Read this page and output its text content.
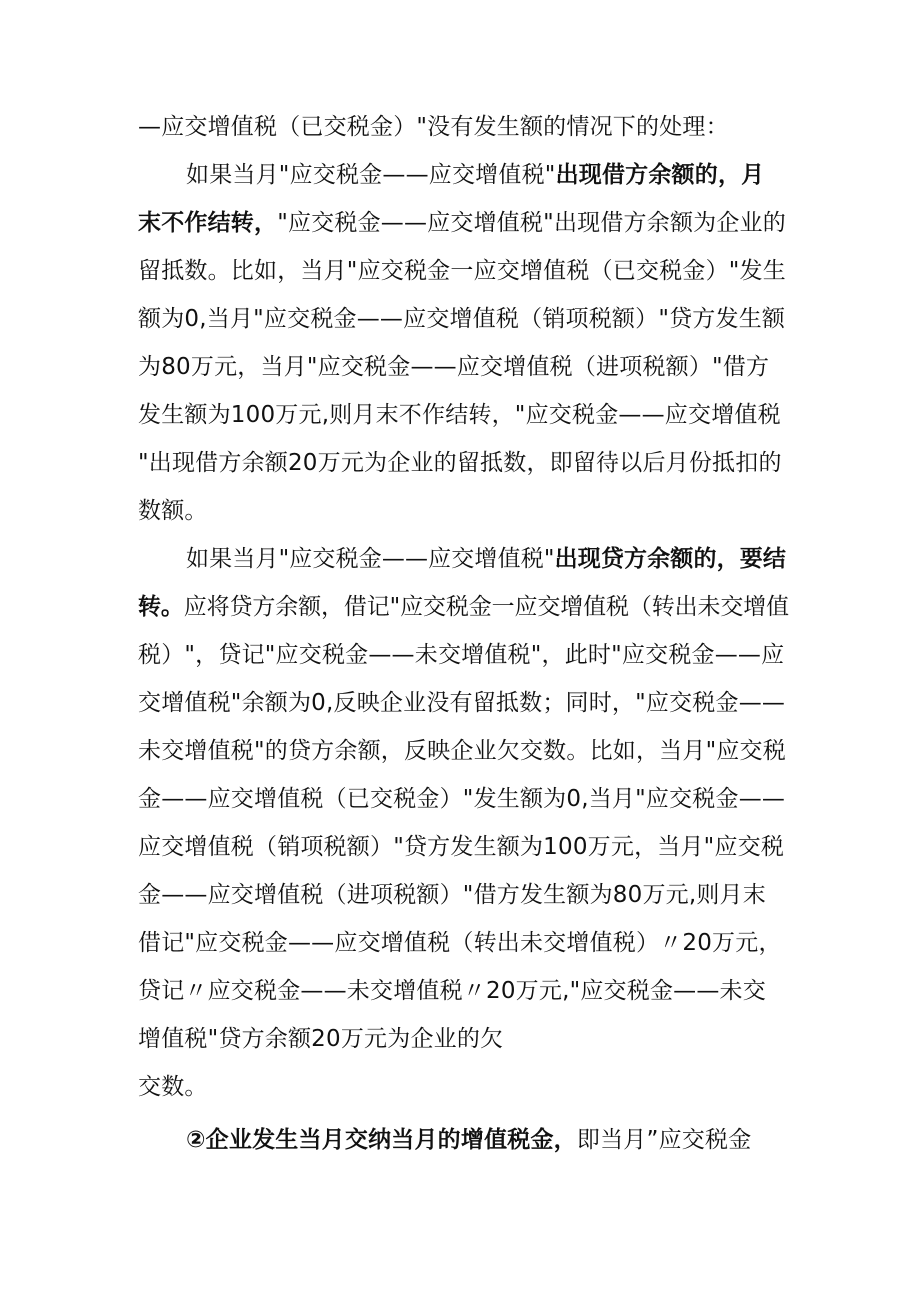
—应交增值税（已交税金）"没有发生额的情况下的处理：
如果当月"应交税金——应交增值税"出现借方余额的，月
末不作结转，"应交税金——应交增值税"出现借方余额为企业的
留抵数。比如，当月"应交税金一应交增值税（已交税金）"发生
额为0,当月"应交税金——应交增值税（销项税额）"贷方发生额
为80万元，当月"应交税金——应交增值税（进项税额）"借方
发生额为100万元,则月末不作结转，"应交税金——应交增值税
"出现借方余额20万元为企业的留抵数，即留待以后月份抵扣的
数额。
如果当月"应交税金——应交增值税"出现贷方余额的，要结
转。应将贷方余额，借记"应交税金一应交增值税（转出未交增值
税）"，贷记"应交税金——未交增值税"，此时"应交税金——应
交增值税"余额为0,反映企业没有留抵数；同时，"应交税金——
未交增值税"的贷方余额，反映企业欠交数。比如，当月"应交税
金——应交增值税（已交税金）"发生额为0,当月"应交税金——
应交增值税（销项税额）"贷方发生额为100万元，当月"应交税
金——应交增值税（进项税额）"借方发生额为80万元,则月末
借记"应交税金——应交增值税（转出未交增值税）〃20万元，
贷记〃应交税金——未交增值税〃20万元,"应交税金——未交
增值税"贷方余额20万元为企业的欠
交数。
②企业发生当月交纳当月的增值税金，即当月”应交税金
